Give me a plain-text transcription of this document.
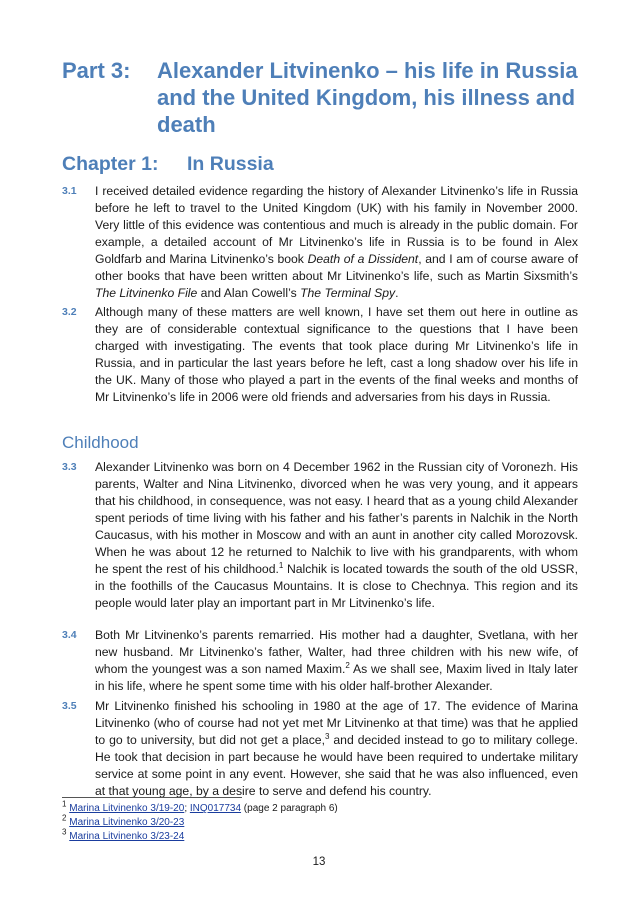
Part 3: Alexander Litvinenko – his life in Russia and the United Kingdom, his illness and death
Chapter 1: In Russia
3.1 I received detailed evidence regarding the history of Alexander Litvinenko’s life in Russia before he left to travel to the United Kingdom (UK) with his family in November 2000. Very little of this evidence was contentious and much is already in the public domain. For example, a detailed account of Mr Litvinenko’s life in Russia is to be found in Alex Goldfarb and Marina Litvinenko’s book Death of a Dissident, and I am of course aware of other books that have been written about Mr Litvinenko’s life, such as Martin Sixsmith’s The Litvinenko File and Alan Cowell’s The Terminal Spy.
3.2 Although many of these matters are well known, I have set them out here in outline as they are of considerable contextual significance to the questions that I have been charged with investigating. The events that took place during Mr Litvinenko’s life in Russia, and in particular the last years before he left, cast a long shadow over his life in the UK. Many of those who played a part in the events of the final weeks and months of Mr Litvinenko’s life in 2006 were old friends and adversaries from his days in Russia.
Childhood
3.3 Alexander Litvinenko was born on 4 December 1962 in the Russian city of Voronezh. His parents, Walter and Nina Litvinenko, divorced when he was very young, and it appears that his childhood, in consequence, was not easy. I heard that as a young child Alexander spent periods of time living with his father and his father’s parents in Nalchik in the North Caucasus, with his mother in Moscow and with an aunt in another city called Morozovsk. When he was about 12 he returned to Nalchik to live with his grandparents, with whom he spent the rest of his childhood.$^1$ Nalchik is located towards the south of the old USSR, in the foothills of the Caucasus Mountains. It is close to Chechnya. This region and its people would later play an important part in Mr Litvinenko’s life.
3.4 Both Mr Litvinenko’s parents remarried. His mother had a daughter, Svetlana, with her new husband. Mr Litvinenko’s father, Walter, had three children with his new wife, of whom the youngest was a son named Maxim.$^2$ As we shall see, Maxim lived in Italy later in his life, where he spent some time with his older half-brother Alexander.
3.5 Mr Litvinenko finished his schooling in 1980 at the age of 17. The evidence of Marina Litvinenko (who of course had not yet met Mr Litvinenko at that time) was that he applied to go to university, but did not get a place,$^3$ and decided instead to go to military college. He took that decision in part because he would have been required to undertake military service at some point in any event. However, she said that he was also influenced, even at that young age, by a desire to serve and defend his country.
$^1$ Marina Litvinenko 3/19-20; INQ017734 (page 2 paragraph 6)
$^2$ Marina Litvinenko 3/20-23
$^3$ Marina Litvinenko 3/23-24
13
